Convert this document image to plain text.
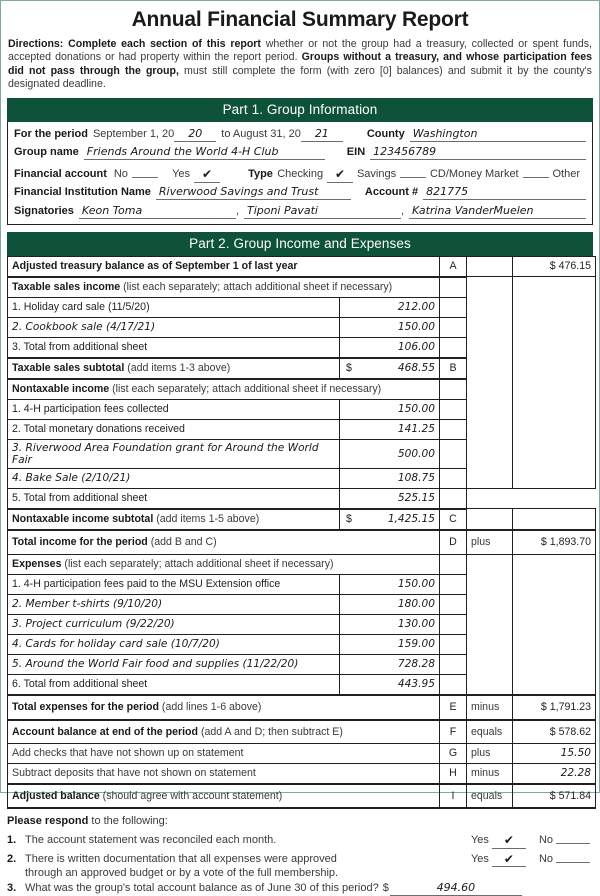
Annual Financial Summary Report
Directions: Complete each section of this report whether or not the group had a treasury, collected or spent funds, accepted donations or had property within the report period. Groups without a treasury, and whose participation fees did not pass through the group, must still complete the form (with zero [0] balances) and submit it by the county's designated deadline.
Part 1. Group Information
For the period September 1, 20	20	to August 31, 20	21	County Washington
Group name Friends Around the World 4-H Club	EIN 123456789
Financial account No	Yes ✔	Type Checking ✔	Savings	CD/Money Market	Other
Financial Institution Name Riverwood Savings and Trust	Account # 821775
Signatories Keon Toma	, Tiponi Pavati	, Katrina VanderMuelen
Part 2. Group Income and Expenses
Adjusted treasury balance as of September 1 of last year		A		$ 476.15
Taxable sales income (list each separately; attach additional sheet if necessary)				
1. Holiday card sale (11/5/20)	212.00			
2. Cookbook sale (4/17/21)	150.00			
3. Total from additional sheet	106.00			
Taxable sales subtotal (add items 1-3 above)	$ 468.55	B		
Nontaxable income (list each separately; attach additional sheet if necessary)				
1. 4-H participation fees collected	150.00			
2. Total monetary donations received	141.25			
3. Riverwood Area Foundation grant for Around the World Fair	500.00			
4. Bake Sale (2/10/21)	108.75			
5. Total from additional sheet	525.15			
Nontaxable income subtotal (add items 1-5 above)	$ 1,425.15	C		
Total income for the period (add B and C)		D	plus	$ 1,893.70
Expenses (list each separately; attach additional sheet if necessary)				
1. 4-H participation fees paid to the MSU Extension office	150.00			
2. Member t-shirts (9/10/20)	180.00			
3. Project curriculum (9/22/20)	130.00			
4. Cards for holiday card sale (10/7/20)	159.00			
5. Around the World Fair food and supplies (11/22/20)	728.28			
6. Total from additional sheet	443.95			
Total expenses for the period (add lines 1-6 above)		E	minus	$ 1,791.23
Account balance at end of the period (add A and D; then subtract E)		F	equals	$ 578.62
Add checks that have not shown up on statement		G	plus	15.50
Subtract deposits that have not shown on statement		H	minus	22.28
Adjusted balance (should agree with account statement)		I	equals	$ 571.84
Please respond to the following:
1. The account statement was reconciled each month.	Yes	✔	No
2. There is written documentation that all expenses were approved	Yes	✔	No
through an approved budget or by a vote of the full membership.
3. What was the group's total account balance as of June 30 of this period? $	494.60
